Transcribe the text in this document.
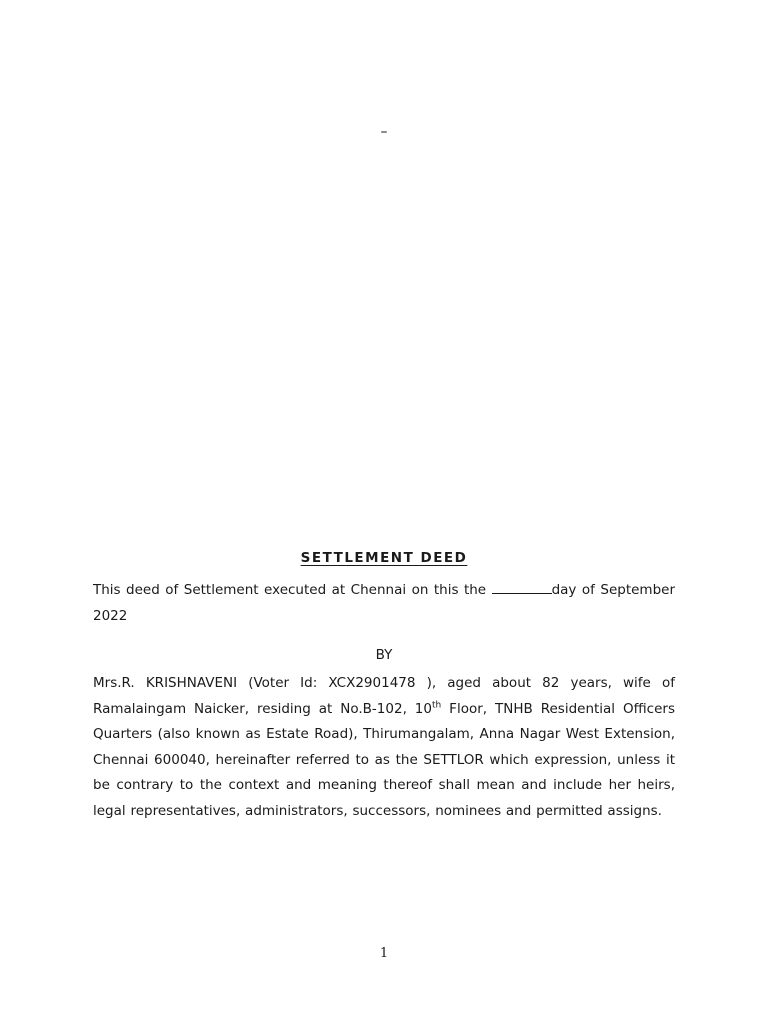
–
SETTLEMENT DEED
This deed of Settlement executed at Chennai on this the	day of September 2022
BY
Mrs.R. KRISHNAVENI (Voter Id: XCX2901478 ), aged about 82 years, wife of Ramalaingam Naicker, residing at No.B-102, 10th Floor, TNHB Residential Officers Quarters (also known as Estate Road), Thirumangalam, Anna Nagar West Extension, Chennai 600040, hereinafter referred to as the SETTLOR which expression, unless it be contrary to the context and meaning thereof shall mean and include her heirs, legal representatives, administrators, successors, nominees and permitted assigns.
1
